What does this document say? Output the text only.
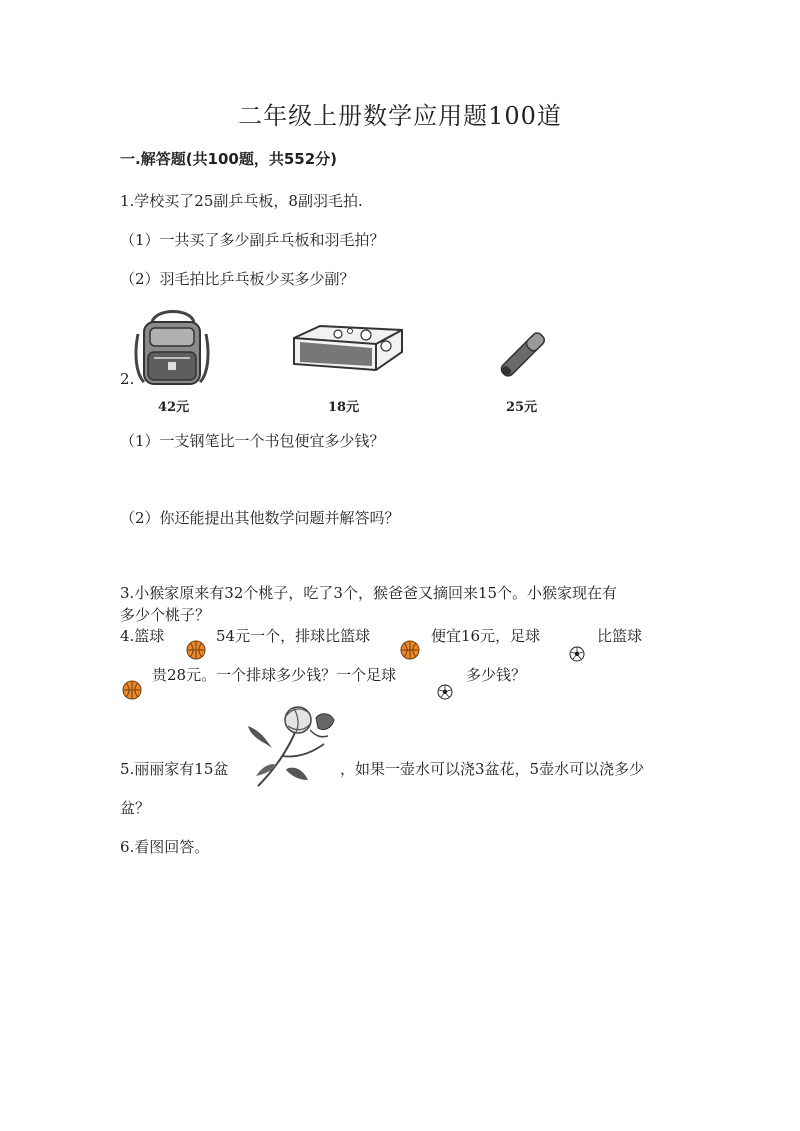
二年级上册数学应用题100道
一.解答题(共100题，共552分)
1.学校买了25副乒乓板，8副羽毛拍.
（1）一共买了多少副乒乓板和羽毛拍？
（2）羽毛拍比乒乓板少买多少副？
2.
42元	18元	25元
（1）一支钢笔比一个书包便宜多少钱？
（2）你还能提出其他数学问题并解答吗？
3.小猴家原来有32个桃子，吃了3个，猴爸爸又摘回来15个。小猴家现在有
多少个桃子？
4.篮球	54元一个，排球比篮球	便宜16元，足球	比篮球
贵28元。一个排球多少钱？一个足球	多少钱？
5.丽丽家有15盆	，如果一壶水可以浇3盆花，5壶水可以浇多少
盆？
6.看图回答。
